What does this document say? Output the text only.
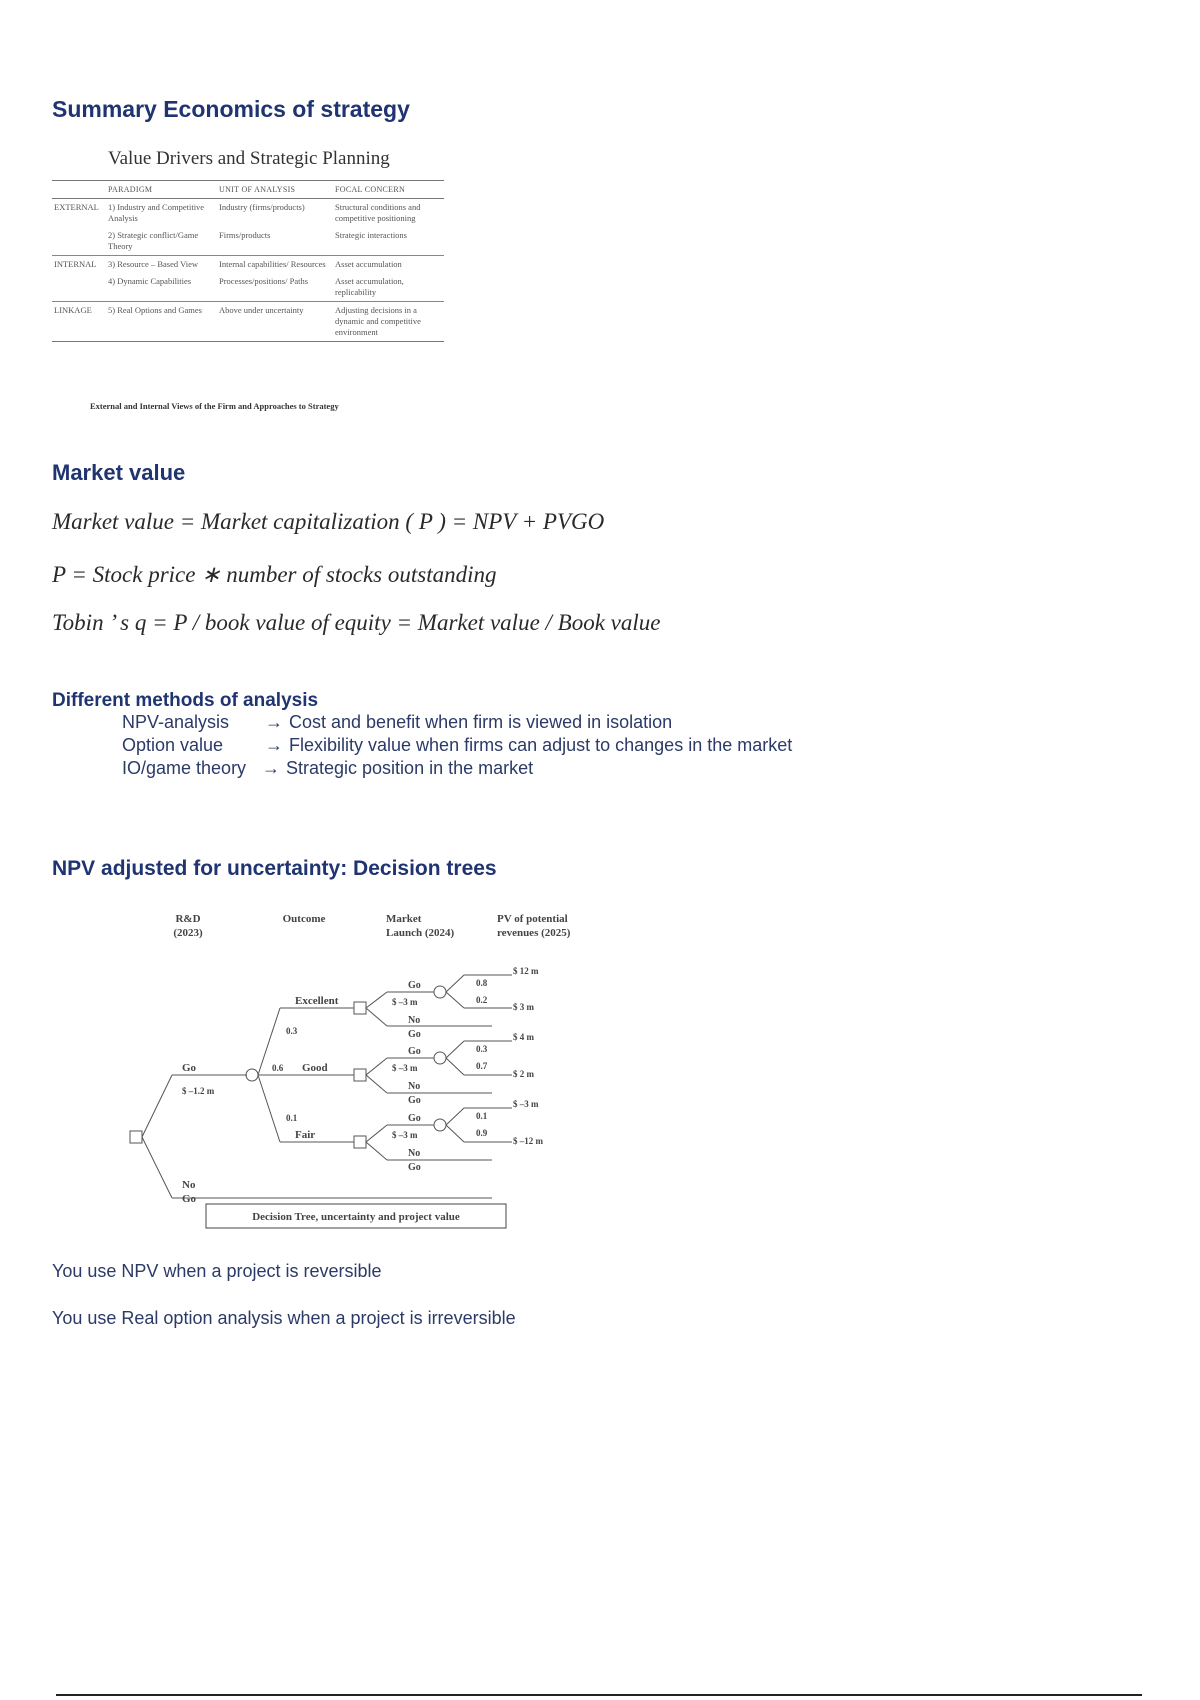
Summary Economics of strategy
Value Drivers and Strategic Planning
	PARADIGM	UNIT OF ANALYSIS	FOCAL CONCERN
EXTERNAL	1) Industry and Competitive Analysis	Industry (firms/products)	Structural conditions and competitive positioning
	2) Strategic conflict/Game Theory	Firms/products	Strategic interactions
INTERNAL	3) Resource – Based View	Internal capabilities/ Resources	Asset accumulation
	4) Dynamic Capabilities	Processes/positions/ Paths	Asset accumulation, replicability
LINKAGE	5) Real Options and Games	Above under uncertainty	Adjusting decisions in a dynamic and competitive environment
External and Internal Views of the Firm and Approaches to Strategy
Market value
Market value = Market capitalization ( P ) = NPV + PVGO
P = Stock price ∗ number of stocks outstanding
Tobin ’ s q = P / book value of equity = Market value / Book value
Different methods of analysis
NPV-analysis → Cost and benefit when firm is viewed in isolation
Option value → Flexibility value when firms can adjust to changes in the market
IO/game theory → Strategic position in the market
NPV adjusted for uncertainty: Decision trees
R&D
(2023)
Outcome	Market
Launch (2024)
PV of potential
revenues (2025)
Go
$ –1.2 m
No
Go
Excellent
Good
Fair
0.3
0.6
0.1
Go
$ –3 m
No
Go
0.8
0.2
$ 12 m
$ 3 m
Go
$ –3 m
No
Go
0.3
0.7
$ 4 m
$ 2 m
Go
$ –3 m
No
Go
0.1
0.9
$ –3 m
$ –12 m
Decision Tree, uncertainty and project value
You use NPV when a project is reversible
You use Real option analysis when a project is irreversible
